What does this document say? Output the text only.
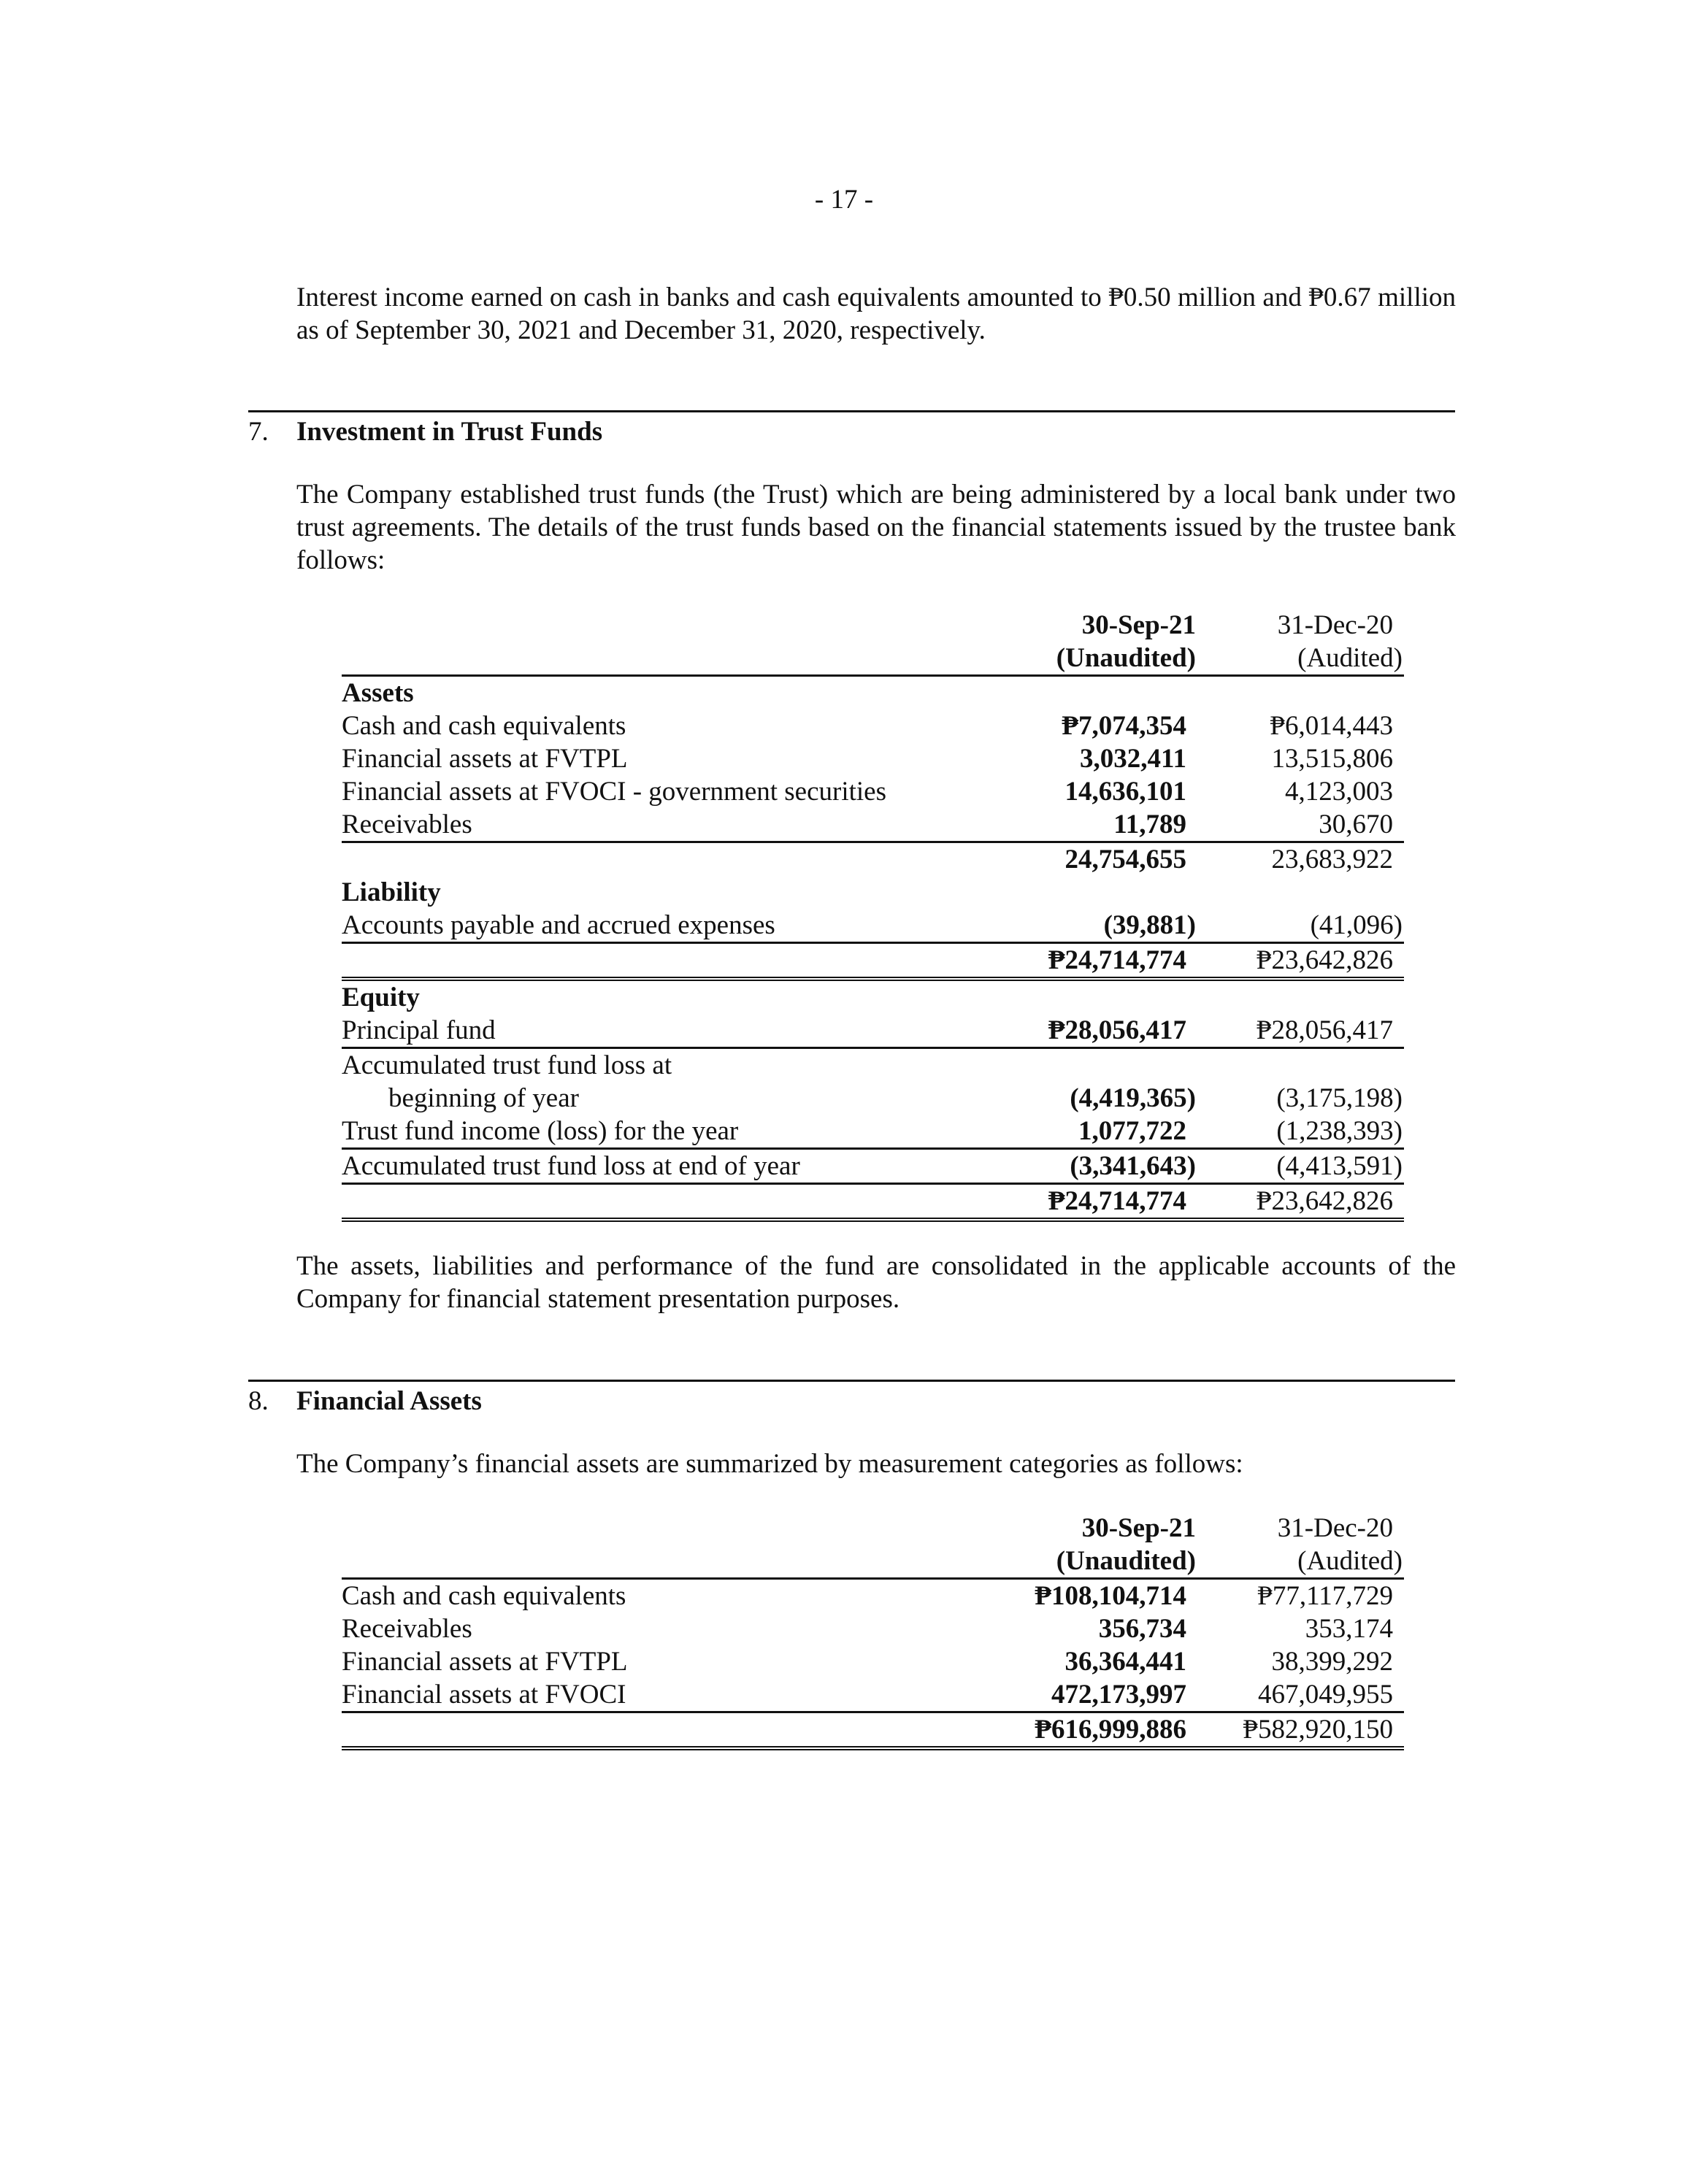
- 17 -
Interest income earned on cash in banks and cash equivalents amounted to ₱0.50 million and ₱0.67 million as of September 30, 2021 and December 31, 2020, respectively.
7. Investment in Trust Funds
The Company established trust funds (the Trust) which are being administered by a local bank under two trust agreements. The details of the trust funds based on the financial statements issued by the trustee bank follows:
	30-Sep-21	31-Dec-20
	(Unaudited)	(Audited)
Assets		
Cash and cash equivalents	₱7,074,354	₱6,014,443
Financial assets at FVTPL	3,032,411	13,515,806
Financial assets at FVOCI - government securities	14,636,101	4,123,003
Receivables	11,789	30,670
	24,754,655	23,683,922
Liability		
Accounts payable and accrued expenses	(39,881)	(41,096)
	₱24,714,774	₱23,642,826
Equity		
Principal fund	₱28,056,417	₱28,056,417
Accumulated trust fund loss at		
beginning of year	(4,419,365)	(3,175,198)
Trust fund income (loss) for the year	1,077,722	(1,238,393)
Accumulated trust fund loss at end of year	(3,341,643)	(4,413,591)
	₱24,714,774	₱23,642,826
The assets, liabilities and performance of the fund are consolidated in the applicable accounts of the Company for financial statement presentation purposes.
8. Financial Assets
The Company’s financial assets are summarized by measurement categories as follows:
	30-Sep-21	31-Dec-20
	(Unaudited)	(Audited)
Cash and cash equivalents	₱108,104,714	₱77,117,729
Receivables	356,734	353,174
Financial assets at FVTPL	36,364,441	38,399,292
Financial assets at FVOCI	472,173,997	467,049,955
	₱616,999,886	₱582,920,150
